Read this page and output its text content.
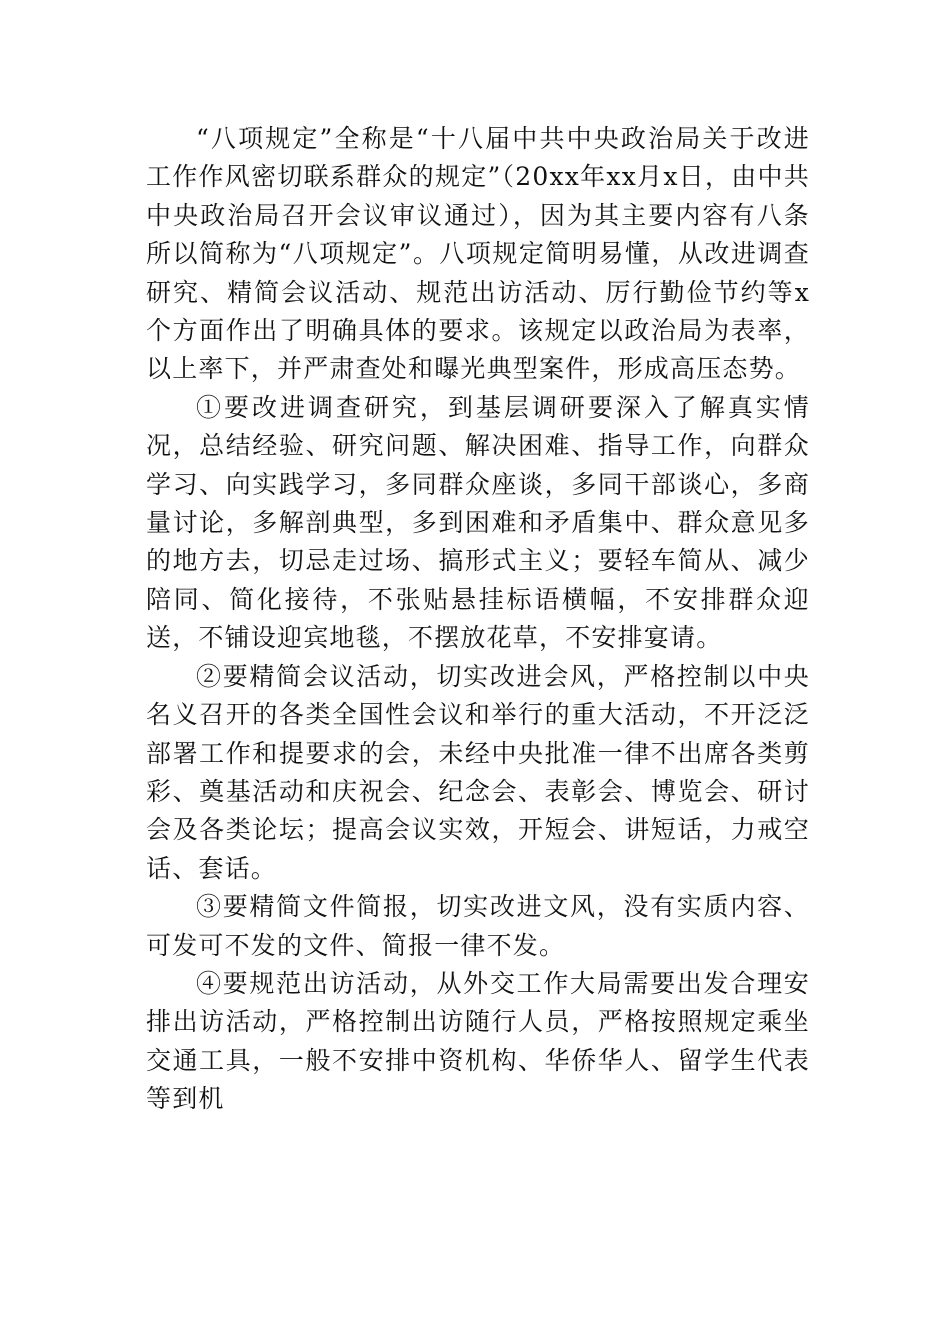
“八项规定”全称是“十八届中共中央政治局关于改进工作作风密切联系群众的规定”（20xx年xx月x日，由中共中央政治局召开会议审议通过），因为其主要内容有八条所以简称为“八项规定”。八项规定简明易懂，从改进调查研究、精简会议活动、规范出访活动、厉行勤俭节约等x个方面作出了明确具体的要求。该规定以政治局为表率，以上率下，并严肃查处和曝光典型案件，形成高压态势。

①要改进调查研究，到基层调研要深入了解真实情况，总结经验、研究问题、解决困难、指导工作，向群众学习、向实践学习，多同群众座谈，多同干部谈心，多商量讨论，多解剖典型，多到困难和矛盾集中、群众意见多的地方去，切忌走过场、搞形式主义；要轻车简从、减少陪同、简化接待，不张贴悬挂标语横幅，不安排群众迎送，不铺设迎宾地毯，不摆放花草，不安排宴请。

②要精简会议活动，切实改进会风，严格控制以中央名义召开的各类全国性会议和举行的重大活动，不开泛泛部署工作和提要求的会，未经中央批准一律不出席各类剪彩、奠基活动和庆祝会、纪念会、表彰会、博览会、研讨会及各类论坛；提高会议实效，开短会、讲短话，力戒空话、套话。

③要精简文件简报，切实改进文风，没有实质内容、可发可不发的文件、简报一律不发。

④要规范出访活动，从外交工作大局需要出发合理安排出访活动，严格控制出访随行人员，严格按照规定乘坐交通工具，一般不安排中资机构、华侨华人、留学生代表等到机
